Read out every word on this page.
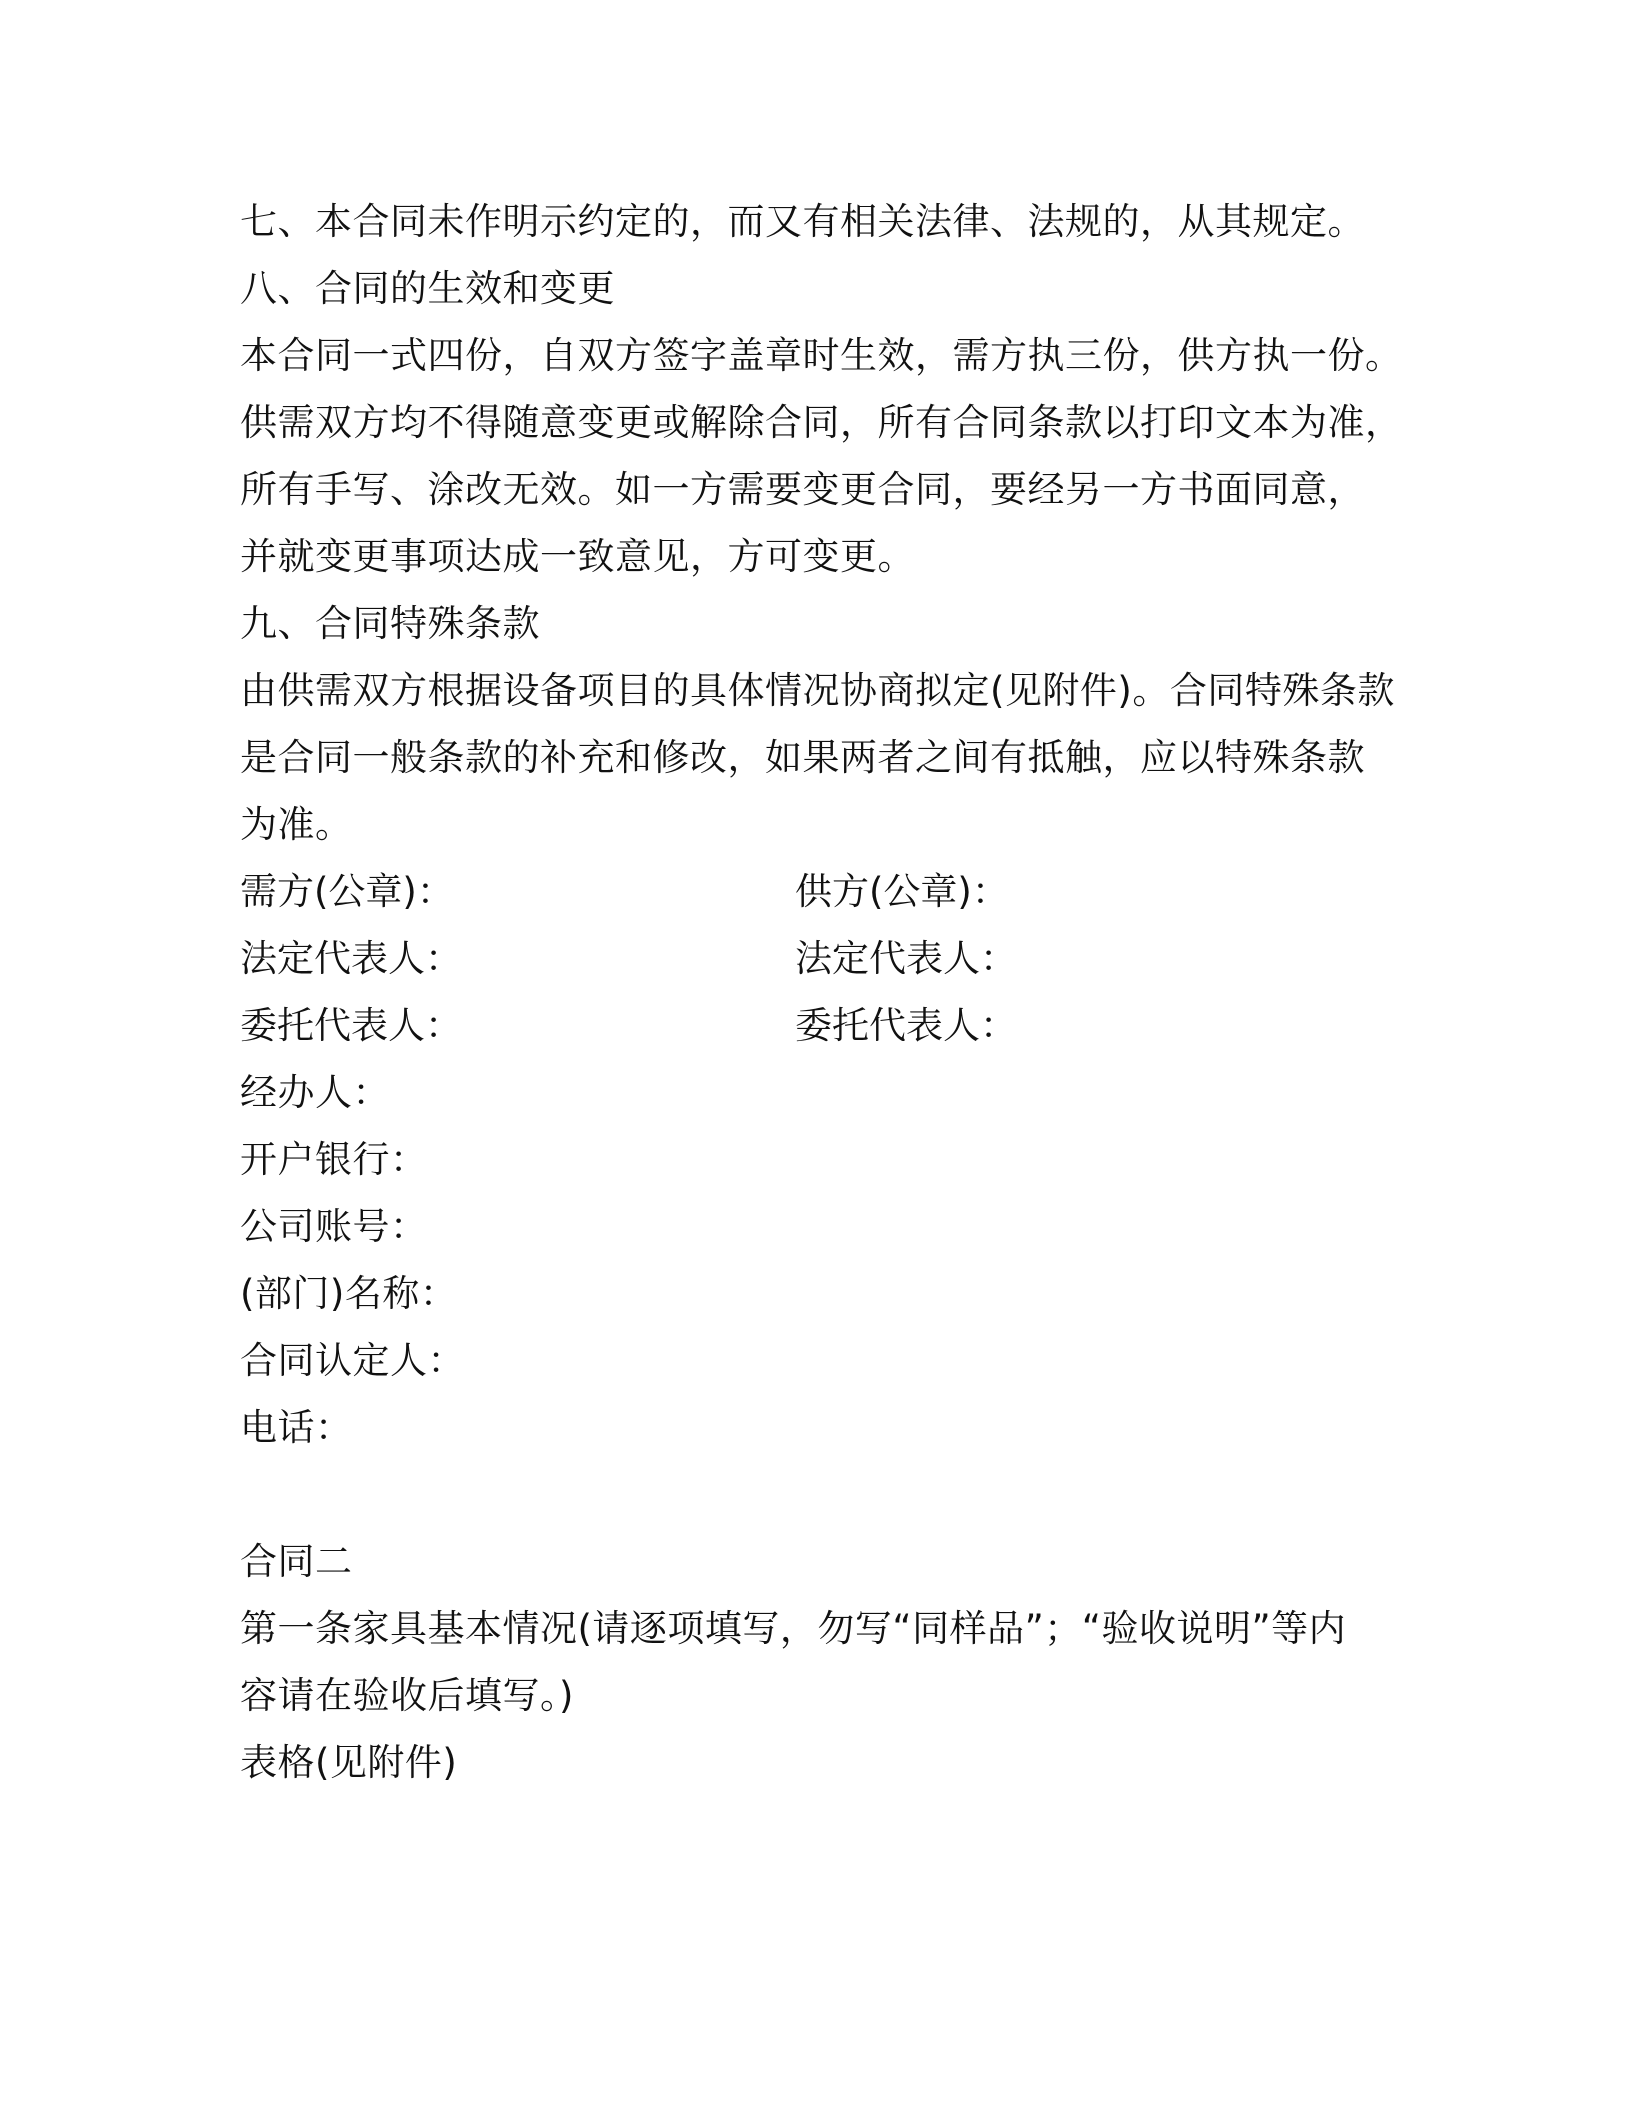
七、本合同未作明示约定的，而又有相关法律、法规的，从其规定。
八、合同的生效和变更
本合同一式四份，自双方签字盖章时生效，需方执三份，供方执一份。
供需双方均不得随意变更或解除合同，所有合同条款以打印文本为准，
所有手写、涂改无效。如一方需要变更合同，要经另一方书面同意，
并就变更事项达成一致意见，方可变更。
九、合同特殊条款
由供需双方根据设备项目的具体情况协商拟定(见附件)。合同特殊条款
是合同一般条款的补充和修改，如果两者之间有抵触，应以特殊条款
为准。
需方(公章)：	供方(公章)：
法定代表人：	法定代表人：
委托代表人：	委托代表人：
经办人：
开户银行：
公司账号：
(部门)名称：
合同认定人：
电话：
合同二
第一条家具基本情况(请逐项填写，勿写“同样品”；“验收说明”等内
容请在验收后填写。)
表格(见附件)
